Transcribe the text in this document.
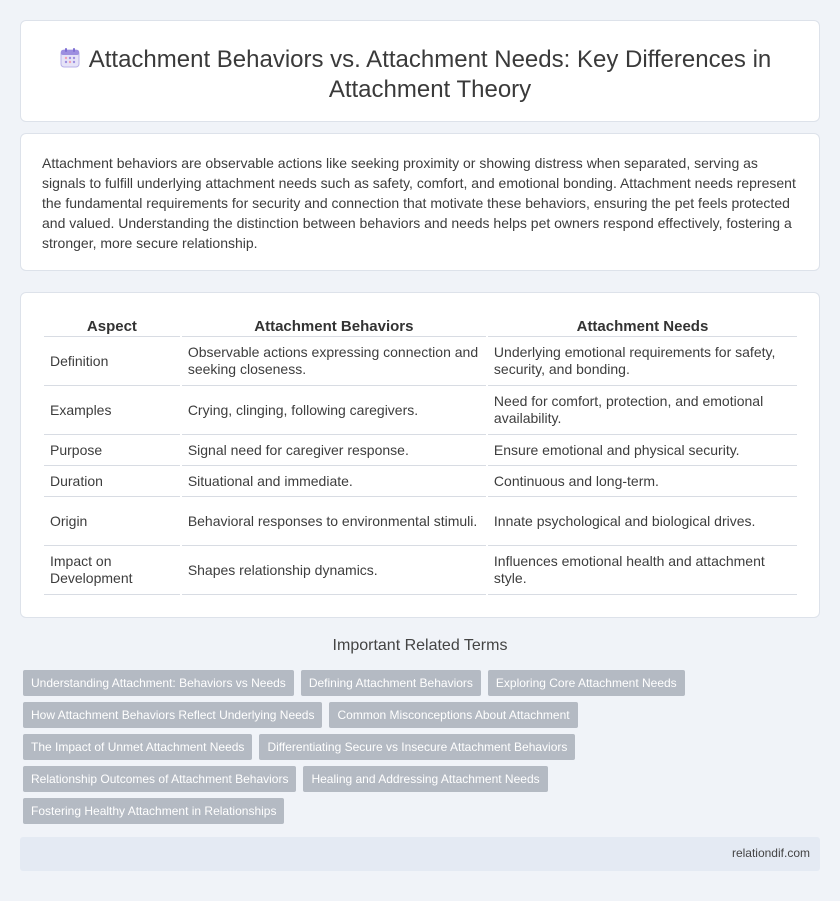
Attachment Behaviors vs. Attachment Needs: Key Differences in
Attachment Theory

Attachment behaviors are observable actions like seeking proximity or showing distress when separated, serving as signals to fulfill underlying attachment needs such as safety, comfort, and emotional bonding. Attachment needs represent the fundamental requirements for security and connection that motivate these behaviors, ensuring the pet feels protected and valued. Understanding the distinction between behaviors and needs helps pet owners respond effectively, fostering a stronger, more secure relationship.

Aspect	Attachment Behaviors	Attachment Needs
Definition	Observable actions expressing connection and seeking closeness.	Underlying emotional requirements for safety, security, and bonding.
Examples	Crying, clinging, following caregivers.	Need for comfort, protection, and emotional availability.
Purpose	Signal need for caregiver response.	Ensure emotional and physical security.
Duration	Situational and immediate.	Continuous and long-term.
Origin	Behavioral responses to environmental stimuli.	Innate psychological and biological drives.
Impact on Development	Shapes relationship dynamics.	Influences emotional health and attachment style.
Important Related Terms
Understanding Attachment: Behaviors vs Needs	Defining Attachment Behaviors	Exploring Core Attachment Needs
How Attachment Behaviors Reflect Underlying Needs	Common Misconceptions About Attachment
The Impact of Unmet Attachment Needs	Differentiating Secure vs Insecure Attachment Behaviors
Relationship Outcomes of Attachment Behaviors	Healing and Addressing Attachment Needs
Fostering Healthy Attachment in Relationships
relationdif.com
